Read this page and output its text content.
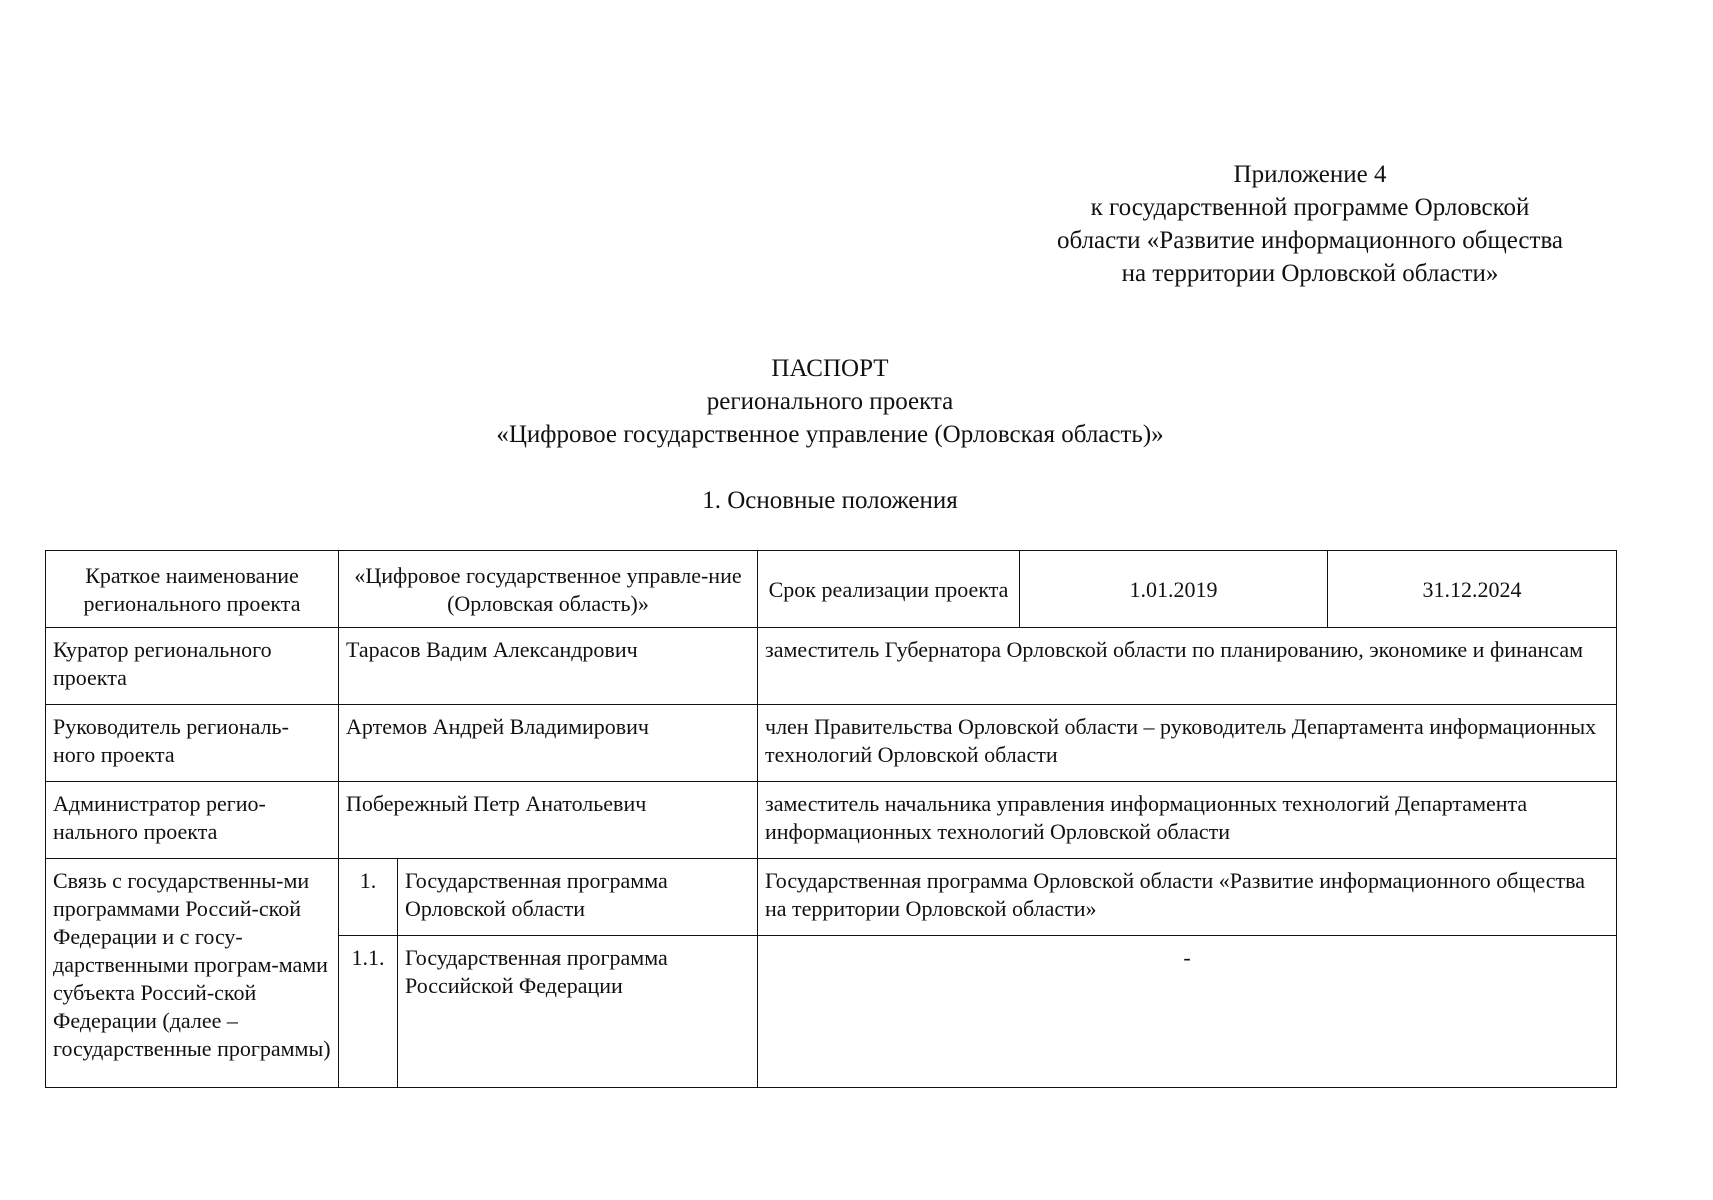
Приложение 4
к государственной программе Орловской
области «Развитие информационного общества
на территории Орловской области»
ПАСПОРТ
регионального проекта
«Цифровое государственное управление (Орловская область)»
1. Основные положения
Краткое наименование регионального проекта	«Цифровое государственное управле-ние (Орловская область)»		Срок реализации проекта	1.01.2019	31.12.2024
Куратор регионального проекта	Тарасов Вадим Александрович		заместитель Губернатора Орловской области по планированию, экономике и финансам		
Руководитель региональ-ного проекта	Артемов Андрей Владимирович		член Правительства Орловской области – руководитель Департамента информационных технологий Орловской области		
Администратор регио-нального проекта	Побережный Петр Анатольевич		заместитель начальника управления информационных технологий Департамента информационных технологий Орловской области		
Связь с государственны-ми программами Россий-ской Федерации и с госу-дарственными програм-мами субъекта Россий-ской Федерации (далее – государственные программы)	1.	Государственная программа Орловской области	Государственная программа Орловской области «Развитие информационного общества на территории Орловской области»		
	1.1.	Государственная программа Российской Федерации	-		
